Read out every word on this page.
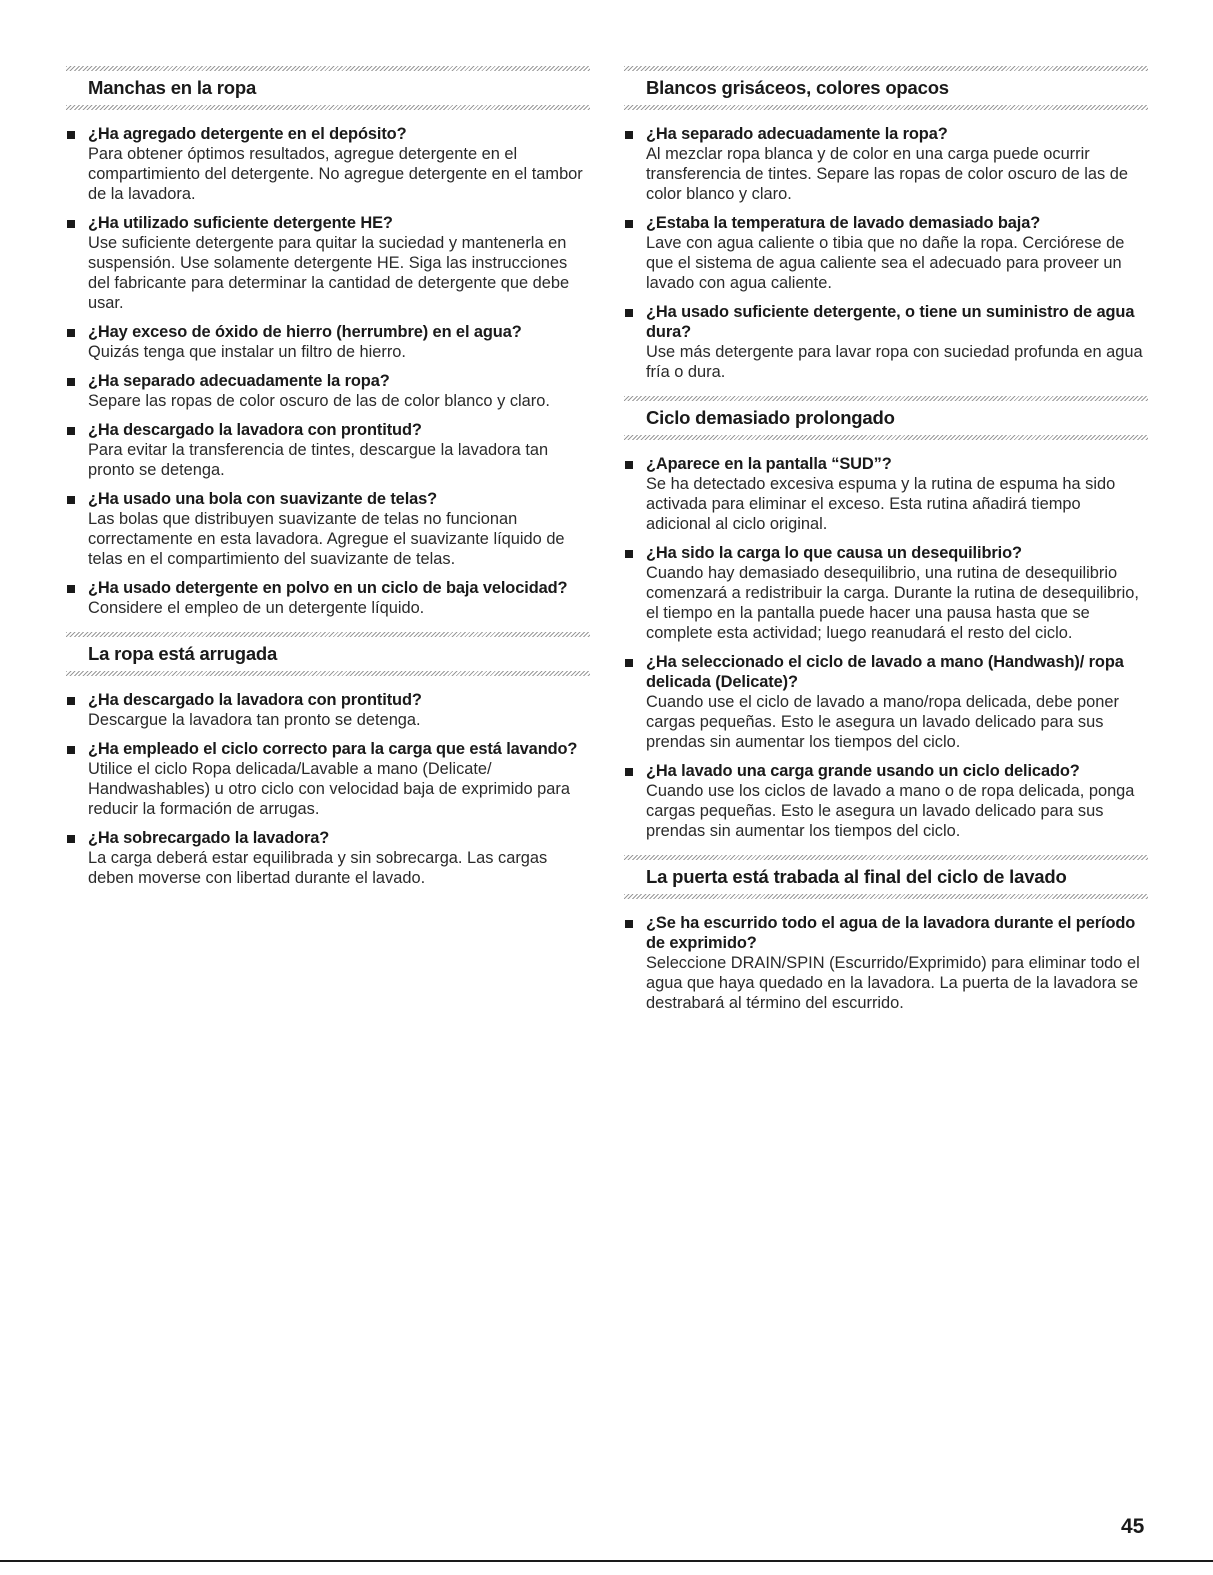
Manchas en la ropa
¿Ha agregado detergente en el depósito?
Para obtener óptimos resultados, agregue detergente en el compartimiento del detergente. No agregue detergente en el tambor de la lavadora.
¿Ha utilizado suficiente detergente HE?
Use suficiente detergente para quitar la suciedad y mantenerla en suspensión. Use solamente detergente HE. Siga las instrucciones del fabricante para determinar la cantidad de detergente que debe usar.
¿Hay exceso de óxido de hierro (herrumbre) en el agua?
Quizás tenga que instalar un filtro de hierro.
¿Ha separado adecuadamente la ropa?
Separe las ropas de color oscuro de las de color blanco y claro.
¿Ha descargado la lavadora con prontitud?
Para evitar la transferencia de tintes, descargue la lavadora tan pronto se detenga.
¿Ha usado una bola con suavizante de telas?
Las bolas que distribuyen suavizante de telas no funcionan correctamente en esta lavadora. Agregue el suavizante líquido de telas en el compartimiento del suavizante de telas.
¿Ha usado detergente en polvo en un ciclo de baja velocidad?
Considere el empleo de un detergente líquido.
La ropa está arrugada
¿Ha descargado la lavadora con prontitud?
Descargue la lavadora tan pronto se detenga.
¿Ha empleado el ciclo correcto para la carga que está lavando?
Utilice el ciclo Ropa delicada/Lavable a mano (Delicate/ Handwashables) u otro ciclo con velocidad baja de exprimido para reducir la formación de arrugas.
¿Ha sobrecargado la lavadora?
La carga deberá estar equilibrada y sin sobrecarga. Las cargas deben moverse con libertad durante el lavado.
Blancos grisáceos, colores opacos
¿Ha separado adecuadamente la ropa?
Al mezclar ropa blanca y de color en una carga puede ocurrir transferencia de tintes. Separe las ropas de color oscuro de las de color blanco y claro.
¿Estaba la temperatura de lavado demasiado baja?
Lave con agua caliente o tibia que no dañe la ropa. Cerciórese de que el sistema de agua caliente sea el adecuado para proveer un lavado con agua caliente.
¿Ha usado suficiente detergente, o tiene un suministro de agua dura?
Use más detergente para lavar ropa con suciedad profunda en agua fría o dura.
Ciclo demasiado prolongado
¿Aparece en la pantalla “SUD”?
Se ha detectado excesiva espuma y la rutina de espuma ha sido activada para eliminar el exceso. Esta rutina añadirá tiempo adicional al ciclo original.
¿Ha sido la carga lo que causa un desequilibrio?
Cuando hay demasiado desequilibrio, una rutina de desequilibrio comenzará a redistribuir la carga. Durante la rutina de desequilibrio, el tiempo en la pantalla puede hacer una pausa hasta que se complete esta actividad; luego reanudará el resto del ciclo.
¿Ha seleccionado el ciclo de lavado a mano (Handwash)/ ropa delicada (Delicate)?
Cuando use el ciclo de lavado a mano/ropa delicada, debe poner cargas pequeñas. Esto le asegura un lavado delicado para sus prendas sin aumentar los tiempos del ciclo.
¿Ha lavado una carga grande usando un ciclo delicado?
Cuando use los ciclos de lavado a mano o de ropa delicada, ponga cargas pequeñas. Esto le asegura un lavado delicado para sus prendas sin aumentar los tiempos del ciclo.
La puerta está trabada al final del ciclo de lavado
¿Se ha escurrido todo el agua de la lavadora durante el período de exprimido?
Seleccione DRAIN/SPIN (Escurrido/Exprimido) para eliminar todo el agua que haya quedado en la lavadora. La puerta de la lavadora se destrabará al término del escurrido.
45
